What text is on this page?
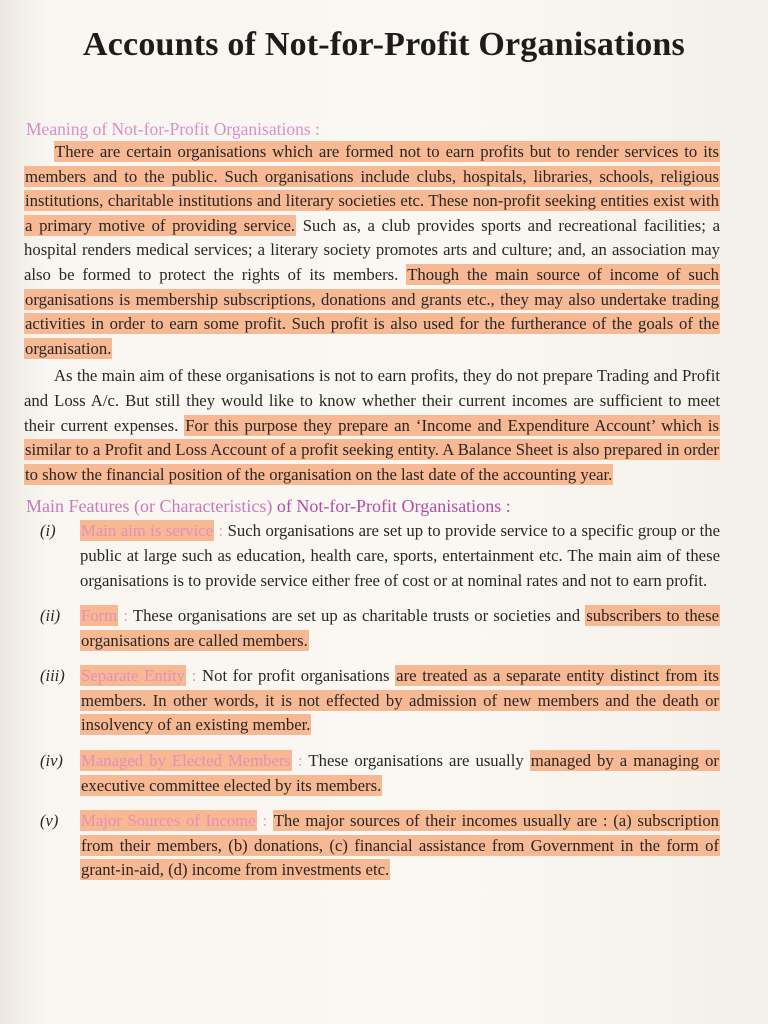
Accounts of Not-for-Profit Organisations
Meaning of Not-for-Profit Organisations :

There are certain organisations which are formed not to earn profits but to render services to its members and to the public. Such organisations include clubs, hospitals, libraries, schools, religious institutions, charitable institutions and literary societies etc. These non-profit seeking entities exist with a primary motive of providing service. Such as, a club provides sports and recreational facilities; a hospital renders medical services; a literary society promotes arts and culture; and, an association may also be formed to protect the rights of its members. Though the main source of income of such organisations is membership subscriptions, donations and grants etc., they may also undertake trading activities in order to earn some profit. Such profit is also used for the furtherance of the goals of the organisation.

As the main aim of these organisations is not to earn profits, they do not prepare Trading and Profit and Loss A/c. But still they would like to know whether their current incomes are sufficient to meet their current expenses. For this purpose they prepare an ‘Income and Expenditure Account’ which is similar to a Profit and Loss Account of a profit seeking entity. A Balance Sheet is also prepared in order to show the financial position of the organisation on the last date of the accounting year.

Main Features (or Characteristics) of Not-for-Profit Organisations :
(i) Main aim is service : Such organisations are set up to provide service to a specific group or the public at large such as education, health care, sports, entertainment etc. The main aim of these organisations is to provide service either free of cost or at nominal rates and not to earn profit.
(ii) Form : These organisations are set up as charitable trusts or societies and subscribers to these organisations are called members.
(iii) Separate Entity : Not for profit organisations are treated as a separate entity distinct from its members. In other words, it is not effected by admission of new members and the death or insolvency of an existing member.
(iv) Managed by Elected Members : These organisations are usually managed by a managing or executive committee elected by its members.
(v) Major Sources of Income : The major sources of their incomes usually are : (a) subscription from their members, (b) donations, (c) financial assistance from Government in the form of grant-in-aid, (d) income from investments etc.
